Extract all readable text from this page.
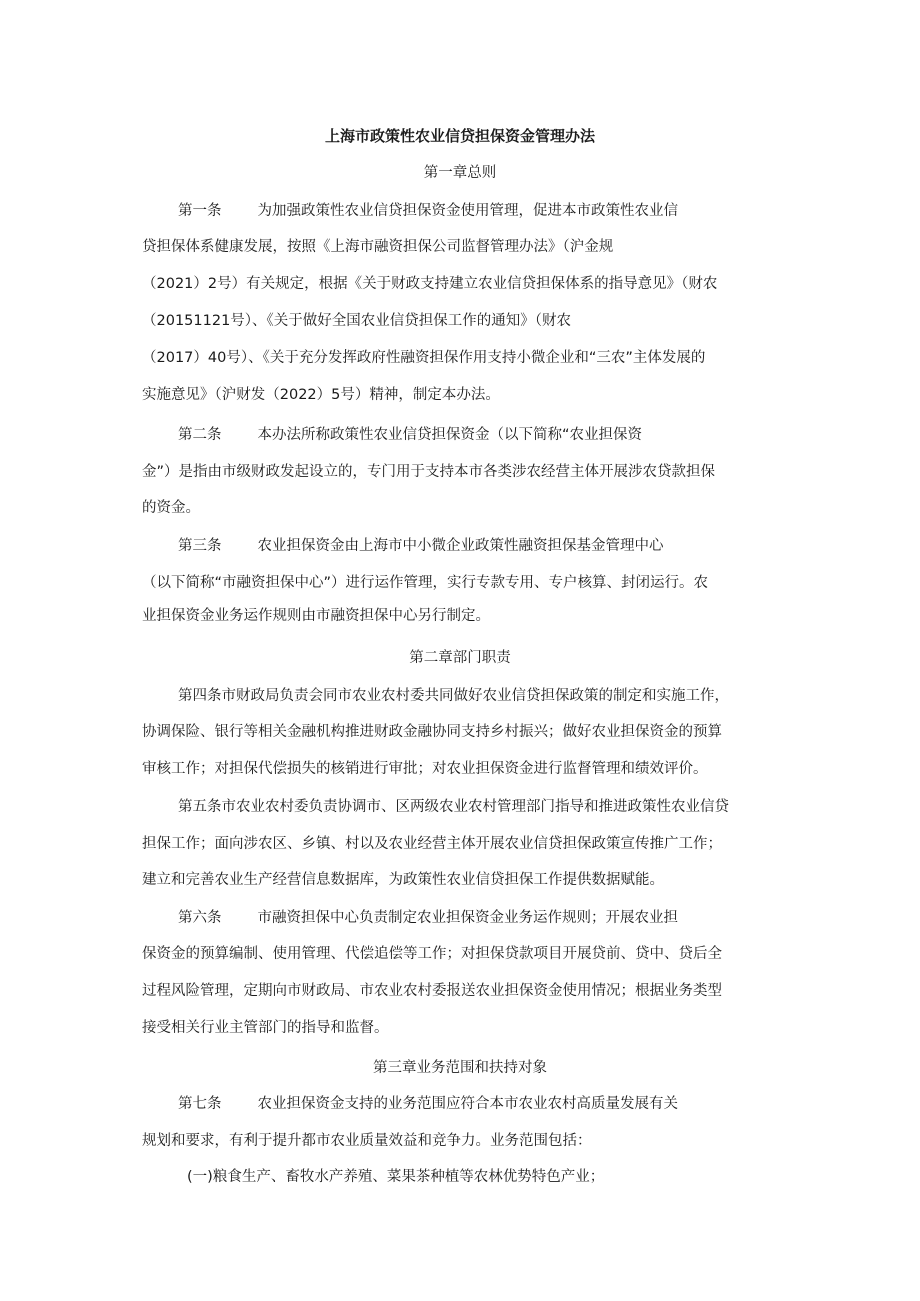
上海市政策性农业信贷担保资金管理办法
第一章总则
第一条 为加强政策性农业信贷担保资金使用管理，促进本市政策性农业信
贷担保体系健康发展，按照《上海市融资担保公司监督管理办法》（沪金规
（2021）2号）有关规定，根据《关于财政支持建立农业信贷担保体系的指导意见》（财农
（20151121号）、《关于做好全国农业信贷担保工作的通知》（财农
（2017）40号）、《关于充分发挥政府性融资担保作用支持小微企业和“三农”主体发展的
实施意见》（沪财发（2022）5号）精神，制定本办法。
第二条 本办法所称政策性农业信贷担保资金（以下简称“农业担保资
金”）是指由市级财政发起设立的，专门用于支持本市各类涉农经营主体开展涉农贷款担保
的资金。
第三条 农业担保资金由上海市中小微企业政策性融资担保基金管理中心
（以下简称“市融资担保中心”）进行运作管理，实行专款专用、专户核算、封闭运行。农
业担保资金业务运作规则由市融资担保中心另行制定。
第二章部门职责
第四条市财政局负责会同市农业农村委共同做好农业信贷担保政策的制定和实施工作，
协调保险、银行等相关金融机构推进财政金融协同支持乡村振兴；做好农业担保资金的预算
审核工作；对担保代偿损失的核销进行审批；对农业担保资金进行监督管理和绩效评价。
第五条市农业农村委负责协调市、区两级农业农村管理部门指导和推进政策性农业信贷
担保工作；面向涉农区、乡镇、村以及农业经营主体开展农业信贷担保政策宣传推广工作；
建立和完善农业生产经营信息数据库，为政策性农业信贷担保工作提供数据赋能。
第六条 市融资担保中心负责制定农业担保资金业务运作规则；开展农业担
保资金的预算编制、使用管理、代偿追偿等工作；对担保贷款项目开展贷前、贷中、贷后全
过程风险管理，定期向市财政局、市农业农村委报送农业担保资金使用情况；根据业务类型
接受相关行业主管部门的指导和监督。
第三章业务范围和扶持对象
第七条 农业担保资金支持的业务范围应符合本市农业农村高质量发展有关
规划和要求，有利于提升都市农业质量效益和竞争力。业务范围包括：
(一)粮食生产、畜牧水产养殖、菜果茶种植等农林优势特色产业；
